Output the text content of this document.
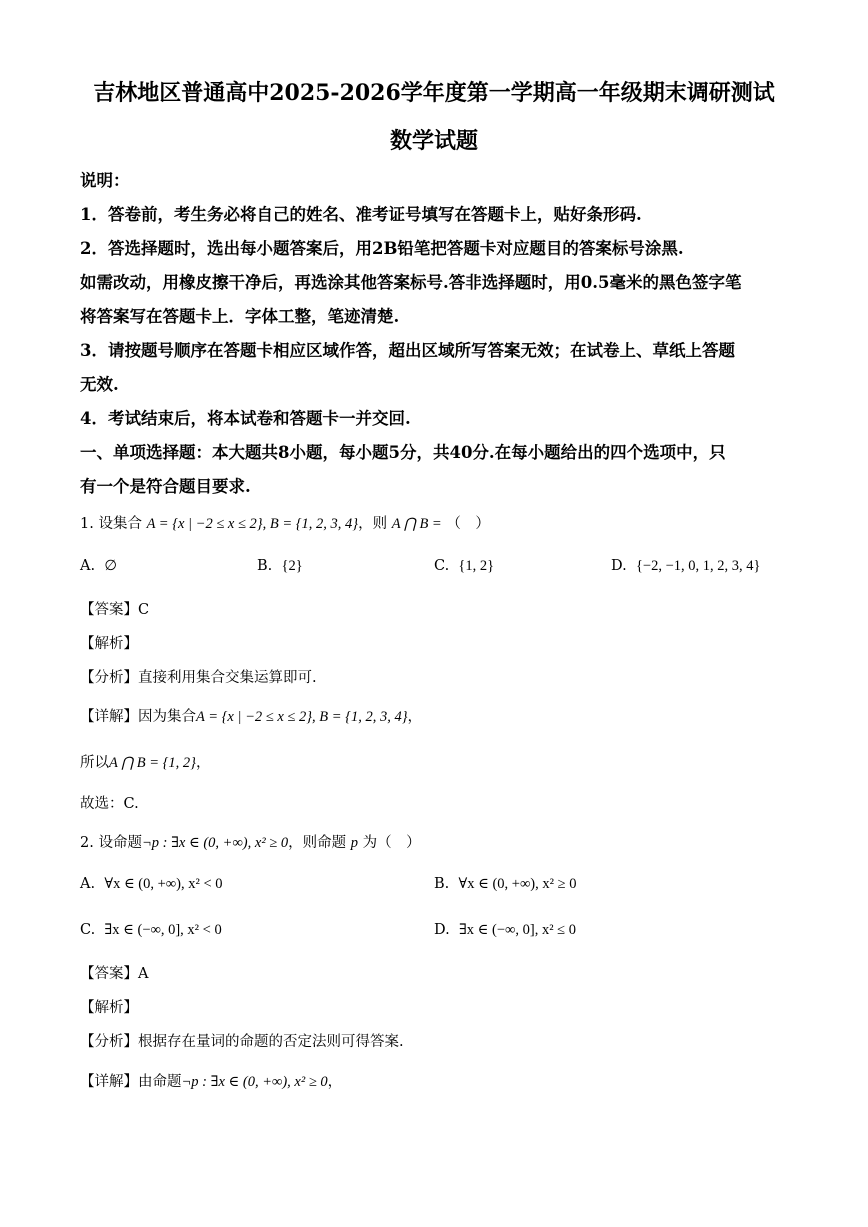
吉林地区普通高中2025-2026学年度第一学期高一年级期末调研测试
数学试题
说明：
1．答卷前，考生务必将自己的姓名、准考证号填写在答题卡上，贴好条形码.
2．答选择题时，选出每小题答案后，用2B铅笔把答题卡对应题目的答案标号涂黑.
如需改动，用橡皮擦干净后，再选涂其他答案标号.答非选择题时，用0.5毫米的黑色签字笔
将答案写在答题卡上．字体工整，笔迹清楚.
3．请按题号顺序在答题卡相应区域作答，超出区域所写答案无效；在试卷上、草纸上答题
无效.
4．考试结束后，将本试卷和答题卡一并交回.
一、单项选择题：本大题共8小题，每小题5分，共40分.在每小题给出的四个选项中，只
有一个是符合题目要求.
1. 设集合 A = {x | −2 ≤ x ≤ 2}, B = {1, 2, 3, 4}，则 A ⋂ B = （　）
A. ∅	B. {2}	C. {1, 2}	D. {−2, −1, 0, 1, 2, 3, 4}
【答案】C
【解析】
【分析】直接利用集合交集运算即可.
【详解】因为集合A = {x | −2 ≤ x ≤ 2}, B = {1, 2, 3, 4}，
所以A ⋂ B = {1, 2}，
故选：C.
2. 设命题¬p : ∃x ∈ (0, +∞), x² ≥ 0，则命题 p 为（　）
A. ∀x ∈ (0, +∞), x² < 0	B. ∀x ∈ (0, +∞), x² ≥ 0
C. ∃x ∈ (−∞, 0], x² < 0	D. ∃x ∈ (−∞, 0], x² ≤ 0
【答案】A
【解析】
【分析】根据存在量词的命题的否定法则可得答案.
【详解】由命题¬p : ∃x ∈ (0, +∞), x² ≥ 0，
